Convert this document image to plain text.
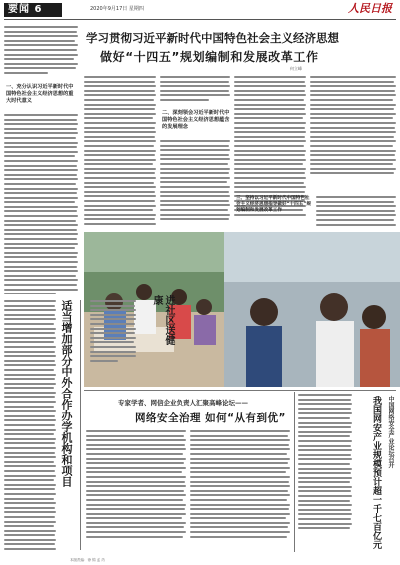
要闻 6	2020年9月17日 星期四	人民日报
学习贯彻习近平新时代中国特色社会主义经济思想
做好“十四五”规划编制和发展改革工作
何立峰
一、充分认识习近平新时代中国特色社会主义经济思想的重大时代意义
二、深刻领会习近平新时代中国特色社会主义经济思想蕴含的发展理念
三、坚持以习近平新时代中国特色社会主义经济思想指导做好“十四五”规划编制和发展改革工作
进社区送健康
适当增加部分中外合作办学机构和项目	专家学者、网信企业负责人汇聚高峰论坛——
网络安全治理 如何“从有到优”	我国网安产业规模预计超一千七百亿元 中国网络安全产业论坛召开
本版责编：徐 锦 孟 芮
